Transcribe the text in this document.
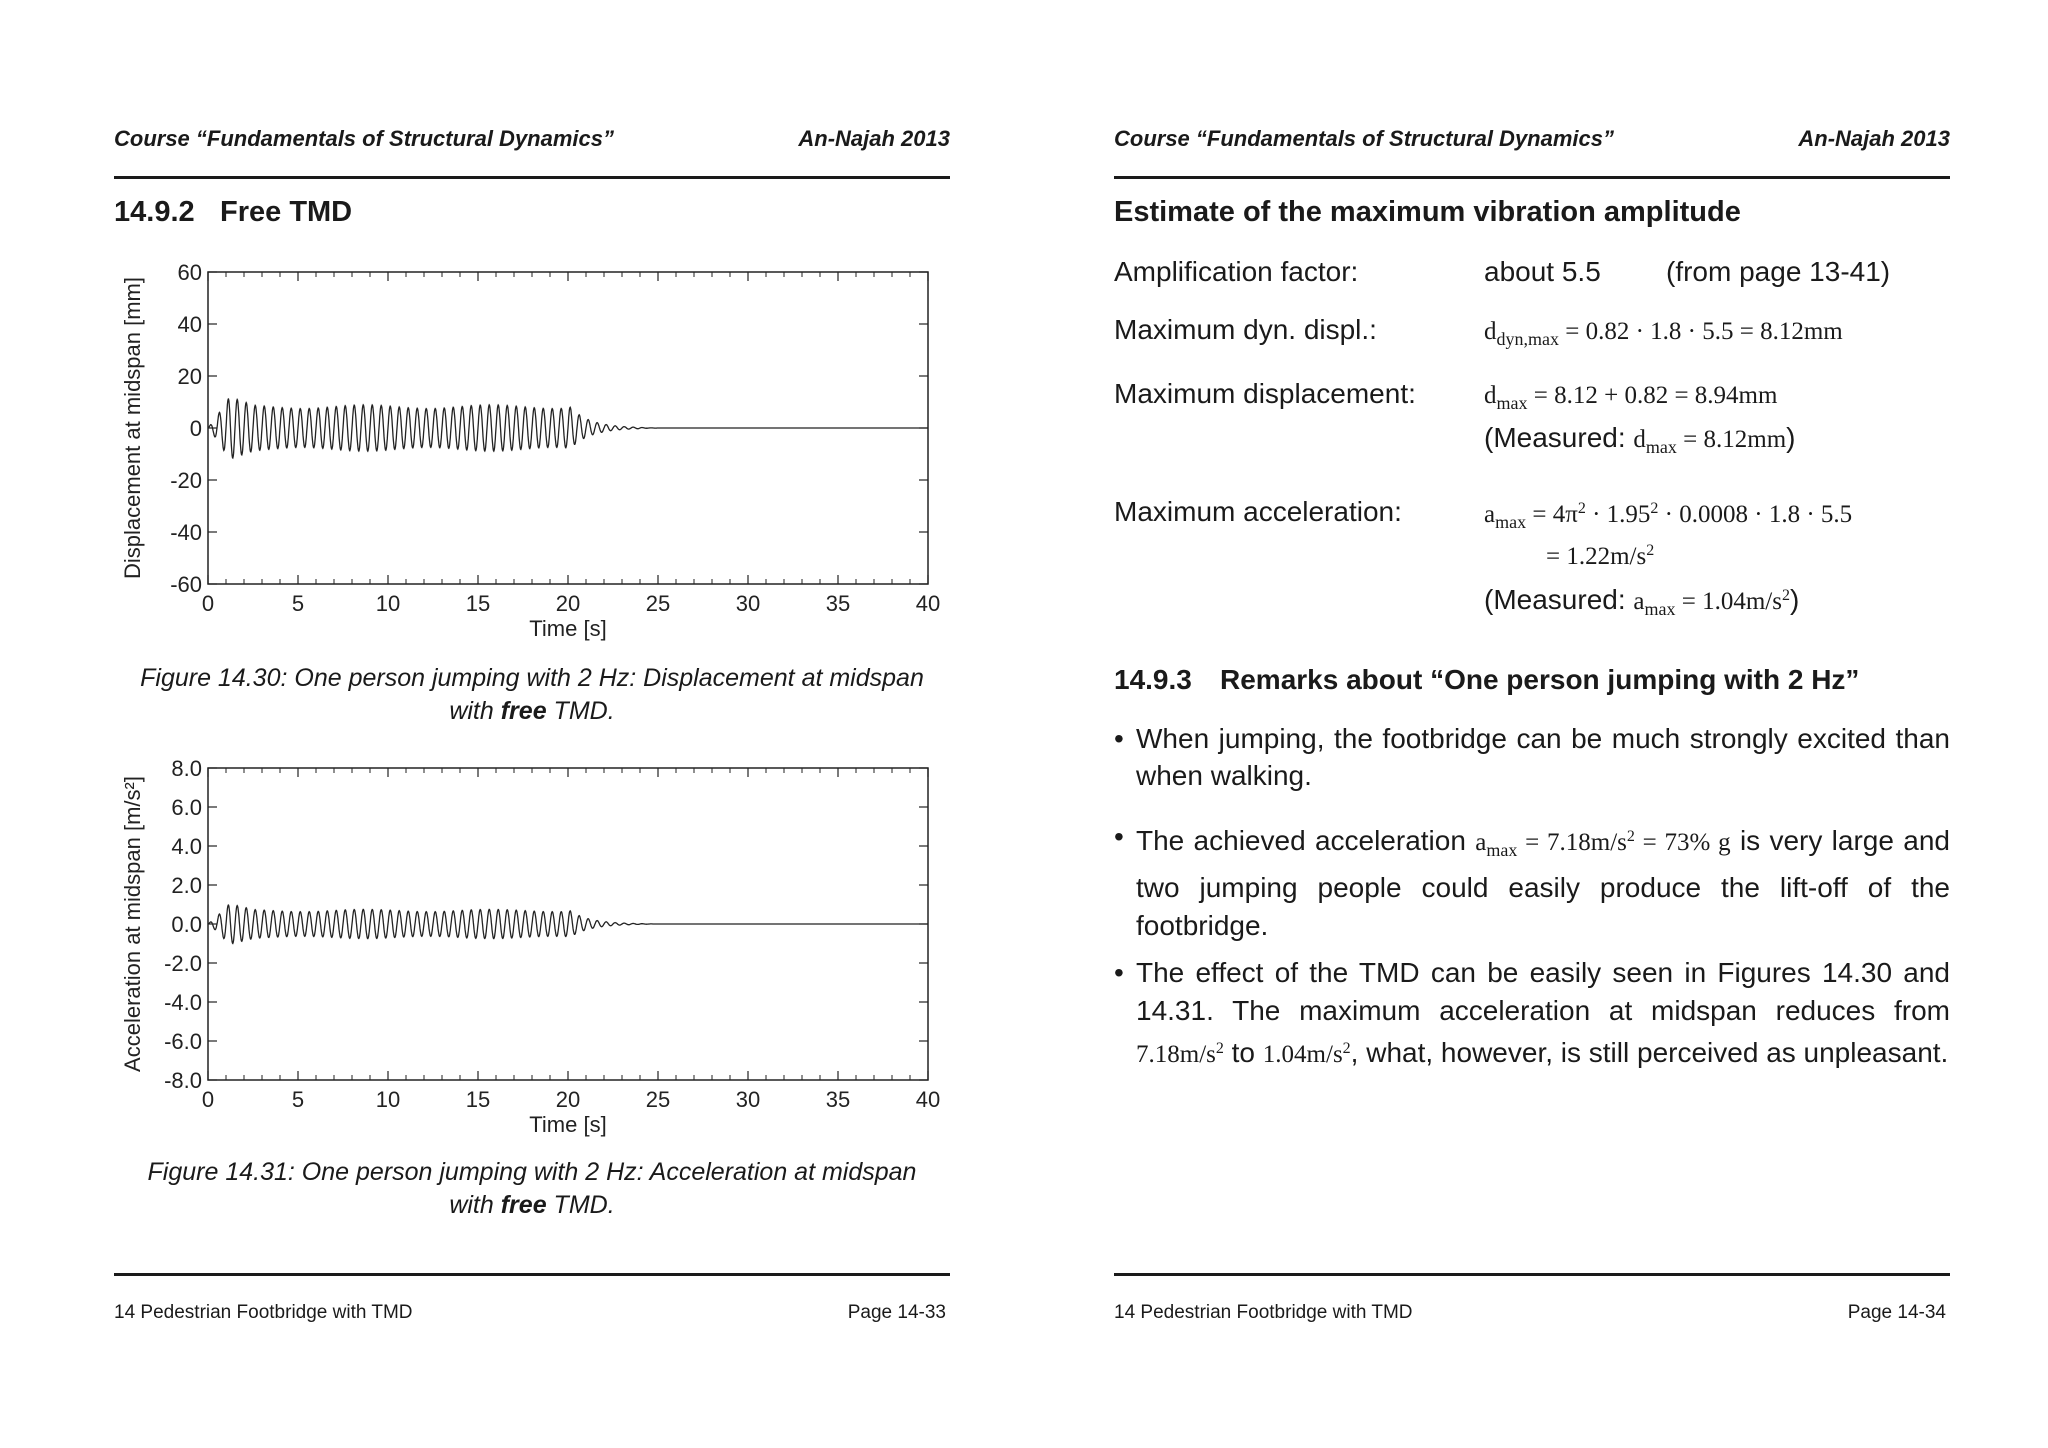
Course “Fundamentals of Structural Dynamics”	An-Najah 2013
14.9.2 Free TMD
0	5	10	15	20	25	30	35	40
60
40
20
0
-20
-40
-60
Time [s]
Displacement at midspan [mm]
Figure 14.30: One person jumping with 2 Hz: Displacement at midspan
with free TMD.
0	5	10	15	20	25	30	35	40
8.0
6.0
4.0
2.0
0.0
-2.0
-4.0
-6.0
-8.0
Time [s]
Acceleration at midspan [m/s²]
Figure 14.31: One person jumping with 2 Hz: Acceleration at midspan
with free TMD.
14 Pedestrian Footbridge with TMD	Page 14-33
Course “Fundamentals of Structural Dynamics”	An-Najah 2013
Estimate of the maximum vibration amplitude
Amplification factor:	about 5.5 (from page 13-41)
Maximum dyn. displ.:	$d_{dyn,max} = 0.82 \cdot 1.8 \cdot 5.5 = 8.12mm$
Maximum displacement:	$d_{max} = 8.12 + 0.82 = 8.94mm$
(Measured: $d_{max} = 8.12mm$)
Maximum acceleration:	$a_{max} = 4\pi^2 \cdot 1.95^2 \cdot 0.0008 \cdot 1.8 \cdot 5.5$
= $1.22m/s^2$
(Measured: $a_{max} = 1.04m/s^2$)
14.9.3 Remarks about “One person jumping with 2 Hz”
• When jumping, the footbridge can be much strongly excited than when walking.
• The achieved acceleration $a_{max} = 7.18m/s^2 = 73\%$ g is very large and two jumping people could easily produce the lift-off of the footbridge.
• The effect of the TMD can be easily seen in Figures 14.30 and 14.31. The maximum acceleration at midspan reduces from $7.18m/s^2$ to $1.04m/s^2$, what, however, is still perceived as unpleasant.
14 Pedestrian Footbridge with TMD	Page 14-34
